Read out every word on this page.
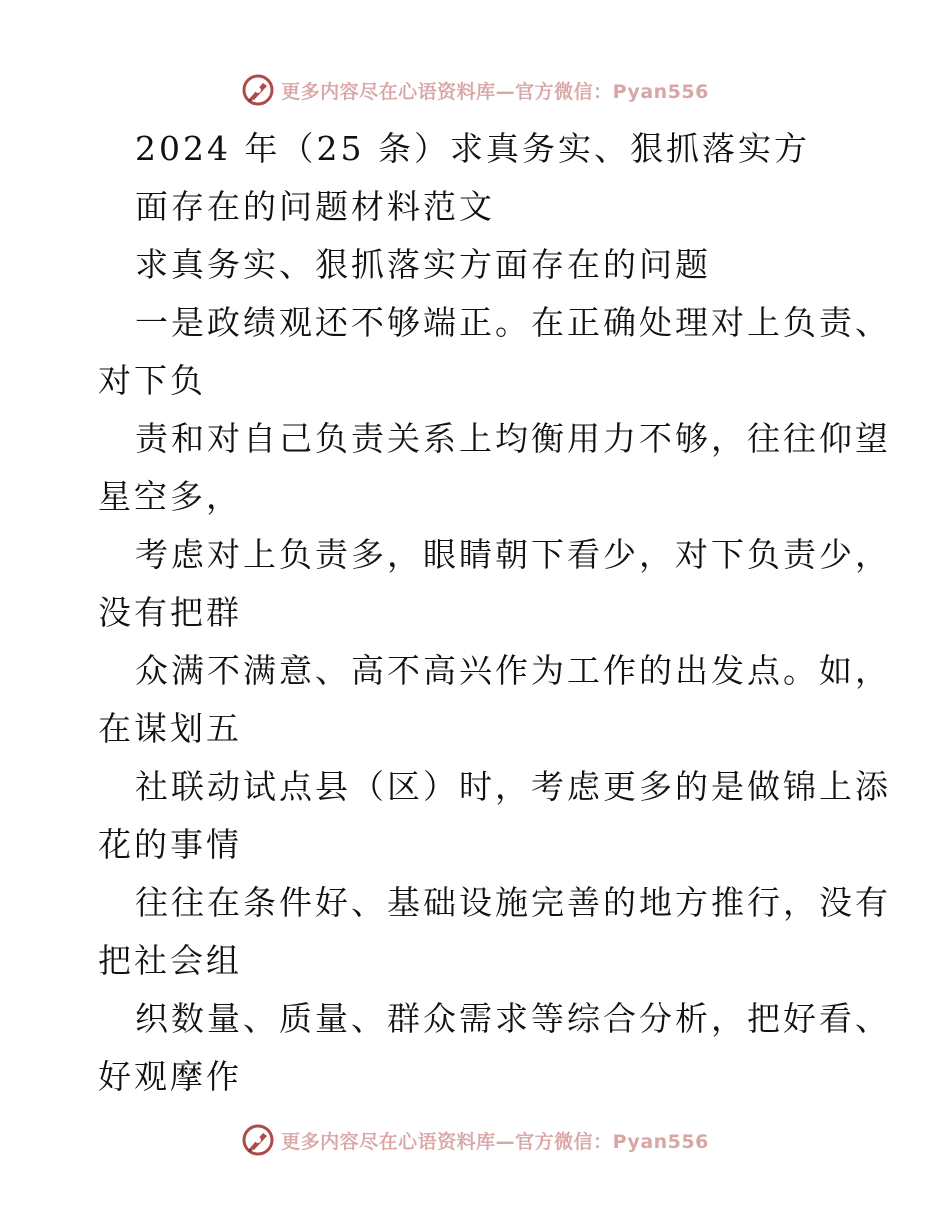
更多内容尽在心语资料库—官方微信：Pyan556
2024 年（25 条）求真务实、狠抓落实方
面存在的问题材料范文
求真务实、狠抓落实方面存在的问题
一是政绩观还不够端正。在正确处理对上负责、
对下负
责和对自己负责关系上均衡用力不够，往往仰望
星空多，
考虑对上负责多，眼睛朝下看少，对下负责少，
没有把群
众满不满意、高不高兴作为工作的出发点。如，
在谋划五
社联动试点县（区）时，考虑更多的是做锦上添
花的事情
往往在条件好、基础设施完善的地方推行，没有
把社会组
织数量、质量、群众需求等综合分析，把好看、
好观摩作
更多内容尽在心语资料库—官方微信：Pyan556
